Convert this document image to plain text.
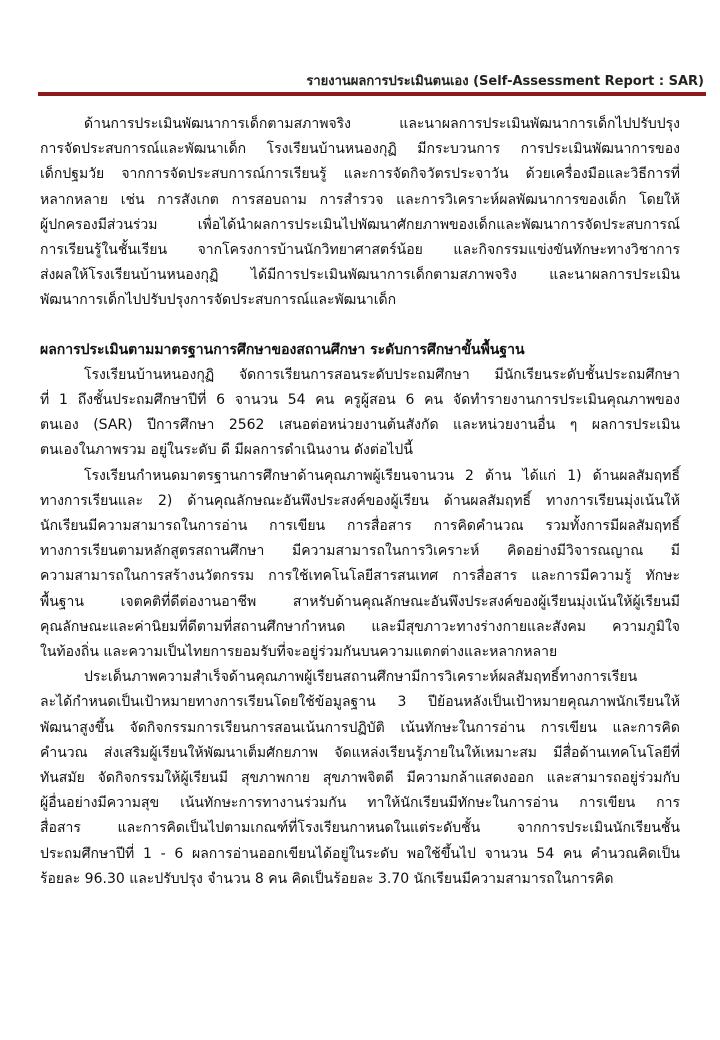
รายงานผลการประเมินตนเอง (Self-Assessment Report : SAR)

ด้านการประเมินพัฒนาการเด็กตามสภาพจริง และนาผลการประเมินพัฒนาการเด็กไปปรับปรุง
การจัดประสบการณ์และพัฒนาเด็ก โรงเรียนบ้านหนองกุฏิ มีกระบวนการ การประเมินพัฒนาการของ
เด็กปฐมวัย จากการจัดประสบการณ์การเรียนรู้ และการจัดกิจวัตรประจาวัน ด้วยเครื่องมือและวิธีการที่
หลากหลาย เช่น การสังเกต การสอบถาม การสำรวจ และการวิเคราะห์ผลพัฒนาการของเด็ก โดยให้
ผู้ปกครองมีส่วนร่วม เพื่อได้นำผลการประเมินไปพัฒนาศักยภาพของเด็กและพัฒนาการจัดประสบการณ์
การเรียนรู้ในชั้นเรียน จากโครงการบ้านนักวิทยาศาสตร์น้อย และกิจกรรมแข่งขันทักษะทางวิชาการ
ส่งผลให้โรงเรียนบ้านหนองกุฏิ ได้มีการประเมินพัฒนาการเด็กตามสภาพจริง และนาผลการประเมิน
พัฒนาการเด็กไปปรับปรุงการจัดประสบการณ์และพัฒนาเด็ก

ผลการประเมินตามมาตรฐานการศึกษาของสถานศึกษา ระดับการศึกษาขั้นพื้นฐาน

โรงเรียนบ้านหนองกุฏิ จัดการเรียนการสอนระดับประถมศึกษา มีนักเรียนระดับชั้นประถมศึกษา
ที่ 1 ถึงชั้นประถมศึกษาปีที่ 6 จานวน 54 คน ครูผู้สอน 6 คน จัดทำรายงานการประเมินคุณภาพของ
ตนเอง (SAR) ปีการศึกษา 2562 เสนอต่อหน่วยงานต้นสังกัด และหน่วยงานอื่น ๆ ผลการประเมิน
ตนเองในภาพรวม อยู่ในระดับ ดี มีผลการดำเนินงาน ดังต่อไปนี้

โรงเรียนกำหนดมาตรฐานการศึกษาด้านคุณภาพผู้เรียนจานวน 2 ด้าน ได้แก่ 1) ด้านผลสัมฤทธิ์
ทางการเรียนและ 2) ด้านคุณลักษณะอันพึงประสงค์ของผู้เรียน ด้านผลสัมฤทธิ์ ทางการเรียนมุ่งเน้นให้
นักเรียนมีความสามารถในการอ่าน การเขียน การสื่อสาร การคิดคำนวณ รวมทั้งการมีผลสัมฤทธิ์
ทางการเรียนตามหลักสูตรสถานศึกษา มีความสามารถในการวิเคราะห์ คิดอย่างมีวิจารณญาณ มี
ความสามารถในการสร้างนวัตกรรม การใช้เทคโนโลยีสารสนเทศ การสื่อสาร และการมีความรู้ ทักษะ
พื้นฐาน เจตคติที่ดีต่องานอาชีพ สาหรับด้านคุณลักษณะอันพึงประสงค์ของผู้เรียนมุ่งเน้นให้ผู้เรียนมี
คุณลักษณะและค่านิยมที่ดีตามที่สถานศึกษากำหนด และมีสุขภาวะทางร่างกายและสังคม ความภูมิใจ
ในท้องถิ่น และความเป็นไทยการยอมรับที่จะอยู่ร่วมกันบนความแตกต่างและหลากหลาย

ประเด็นภาพความสำเร็จด้านคุณภาพผู้เรียนสถานศึกษามีการวิเคราะห์ผลสัมฤทธิ์ทางการเรียน
ละได้กำหนดเป็นเป้าหมายทางการเรียนโดยใช้ข้อมูลฐาน 3 ปีย้อนหลังเป็นเป้าหมายคุณภาพนักเรียนให้
พัฒนาสูงขึ้น จัดกิจกรรมการเรียนการสอนเน้นการปฏิบัติ เน้นทักษะในการอ่าน การเขียน และการคิด
คำนวณ ส่งเสริมผู้เรียนให้พัฒนาเต็มศักยภาพ จัดแหล่งเรียนรู้ภายในให้เหมาะสม มีสื่อด้านเทคโนโลยีที่
ทันสมัย จัดกิจกรรมให้ผู้เรียนมี สุขภาพกาย สุขภาพจิตดี มีความกล้าแสดงออก และสามารถอยู่ร่วมกับ
ผู้อื่นอย่างมีความสุข เน้นทักษะการทางานร่วมกัน ทาให้นักเรียนมีทักษะในการอ่าน การเขียน การ
สื่อสาร และการคิดเป็นไปตามเกณฑ์ที่โรงเรียนกาหนดในแต่ระดับชั้น จากการประเมินนักเรียนชั้น
ประถมศึกษาปีที่ 1 - 6 ผลการอ่านออกเขียนได้อยู่ในระดับ พอใช้ขึ้นไป จานวน 54 คน คำนวณคิดเป็น
ร้อยละ 96.30 และปรับปรุง จำนวน 8 คน คิดเป็นร้อยละ 3.70 นักเรียนมีความสามารถในการคิด
